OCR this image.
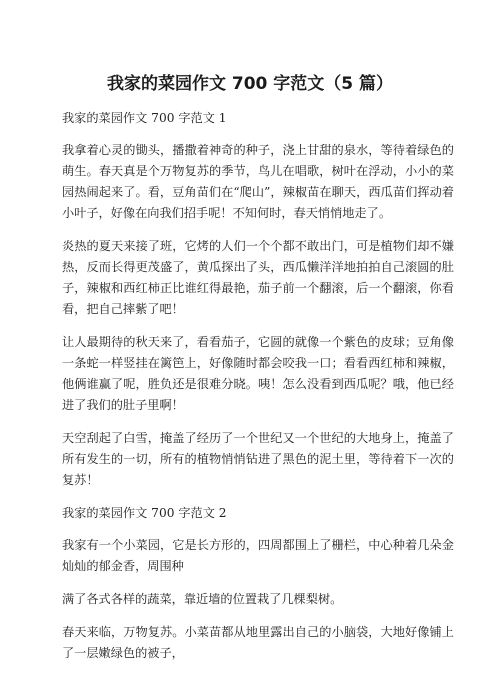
我家的菜园作文 700 字范文（5 篇）

我家的菜园作文 700 字范文 1

我拿着心灵的锄头，播撒着神奇的种子，浇上甘甜的泉水，等待着绿色的萌生。春天真是个万物复苏的季节，鸟儿在唱歌，树叶在浮动，小小的菜园热闹起来了。看，豆角苗们在“爬山”，辣椒苗在聊天，西瓜苗们挥动着小叶子，好像在向我们招手呢！不知何时，春天悄悄地走了。

炎热的夏天来接了班，它烤的人们一个个都不敢出门，可是植物们却不嫌热，反而长得更茂盛了，黄瓜探出了头，西瓜懒洋洋地拍拍自己滚圆的肚子，辣椒和西红柿正比谁红得最艳，茄子前一个翻滚，后一个翻滚，你看看，把自己摔紫了吧！

让人最期待的秋天来了，看看茄子，它圆的就像一个紫色的皮球；豆角像一条蛇一样竖挂在篱笆上，好像随时都会咬我一口；看看西红柿和辣椒，他俩谁赢了呢，胜负还是很难分晓。咦！怎么没看到西瓜呢？哦，他已经进了我们的肚子里啊！

天空刮起了白雪，掩盖了经历了一个世纪又一个世纪的大地身上，掩盖了所有发生的一切，所有的植物悄悄钻进了黑色的泥土里，等待着下一次的复苏！

我家的菜园作文 700 字范文 2

我家有一个小菜园，它是长方形的，四周都围上了栅栏，中心种着几朵金灿灿的郁金香，周围种

满了各式各样的蔬菜，靠近墙的位置栽了几棵梨树。

春天来临，万物复苏。小菜苗都从地里露出自己的小脑袋，大地好像铺上了一层嫩绿色的被子，
